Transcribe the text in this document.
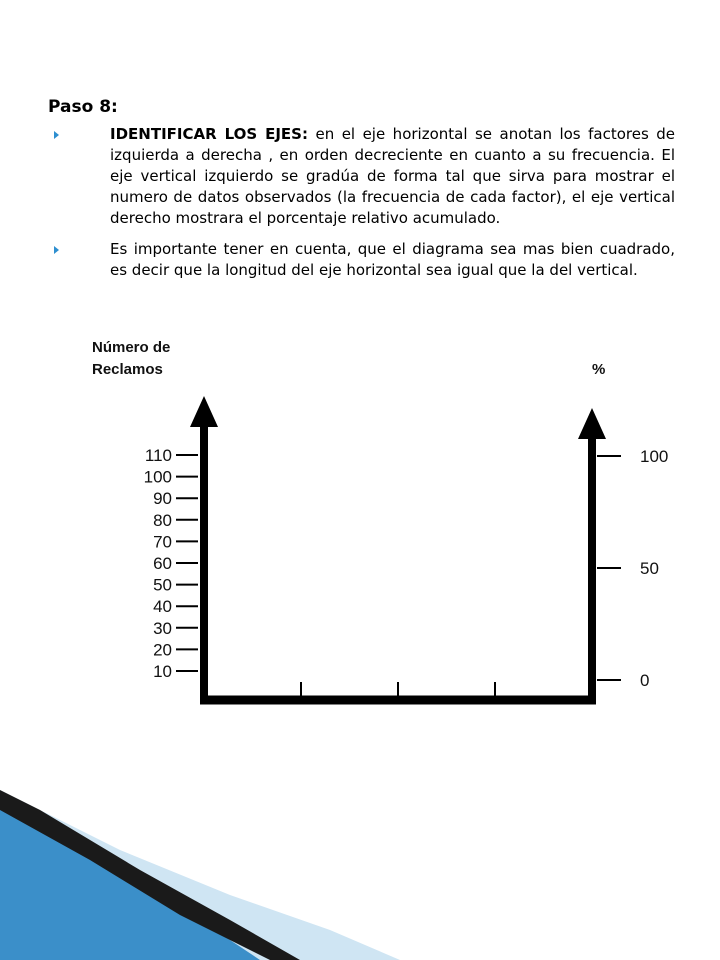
Paso 8:

IDENTIFICAR LOS EJES: en el eje horizontal se anotan los factores de izquierda a derecha , en orden decreciente en cuanto a su frecuencia. El eje vertical izquierdo se gradúa de forma tal que sirva para mostrar el numero de datos observados (la frecuencia de cada factor), el eje vertical derecho mostrara el porcentaje relativo acumulado.

Es importante tener en cuenta, que el diagrama sea mas bien cuadrado, es decir que la longitud del eje horizontal sea igual que la del vertical.

Número de
Reclamos	%
110
100
90
80
70
60
50
40
30
20
10
100
50
0
